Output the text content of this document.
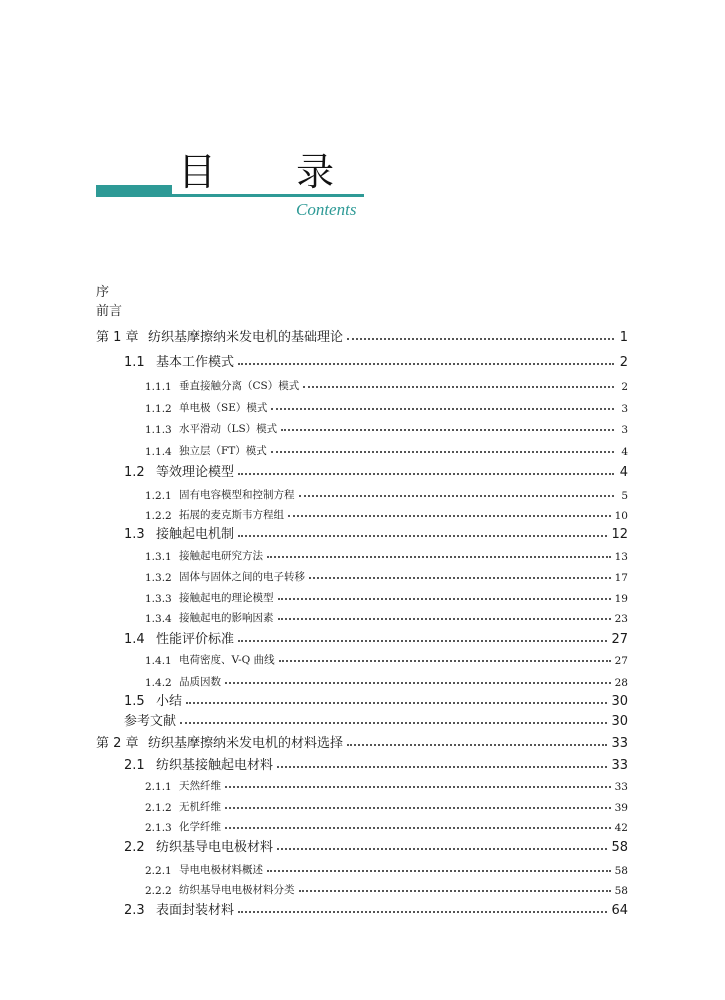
目 录
Contents
序
前言
第 1 章 纺织基摩擦纳米发电机的基础理论	1
1.1 基本工作模式	2
1.1.1 垂直接触分离（CS）模式	2
1.1.2 单电极（SE）模式	3
1.1.3 水平滑动（LS）模式	3
1.1.4 独立层（FT）模式	4
1.2 等效理论模型	4
1.2.1 固有电容模型和控制方程	5
1.2.2 拓展的麦克斯韦方程组	10
1.3 接触起电机制	12
1.3.1 接触起电研究方法	13
1.3.2 固体与固体之间的电子转移	17
1.3.3 接触起电的理论模型	19
1.3.4 接触起电的影响因素	23
1.4 性能评价标准	27
1.4.1 电荷密度、V-Q 曲线	27
1.4.2 品质因数	28
1.5 小结	30
参考文献	30
第 2 章 纺织基摩擦纳米发电机的材料选择	33
2.1 纺织基接触起电材料	33
2.1.1 天然纤维	33
2.1.2 无机纤维	39
2.1.3 化学纤维	42
2.2 纺织基导电电极材料	58
2.2.1 导电电极材料概述	58
2.2.2 纺织基导电电极材料分类	58
2.3 表面封装材料	64
